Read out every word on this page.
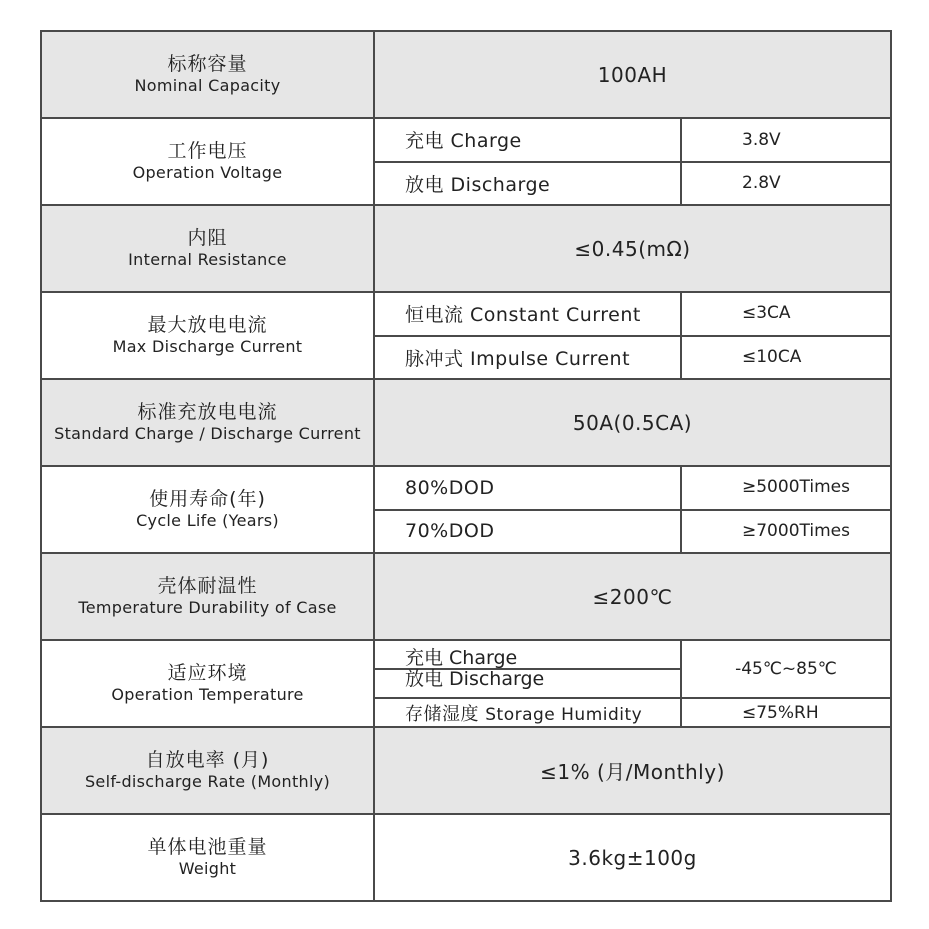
标称容量
Nominal Capacity	100AH	

工作电压
Operation Voltage	充电 Charge	3.8V
	放电 Discharge	2.8V

内阻
Internal Resistance	≤0.45(mΩ)	

最大放电电流
Max Discharge Current	恒电流 Constant Current	≤3CA
	脉冲式 Impulse Current	≤10CA

标准充放电电流
Standard Charge / Discharge Current	50A(0.5CA)	

使用寿命(年)
Cycle Life (Years)	80%DOD	≥5000Times
	70%DOD	≥7000Times

壳体耐温性
Temperature Durability of Case	≤200℃	

适应环境
Operation Temperature	充电 Charge	-45℃~85℃
	放电 Discharge	
	存储湿度 Storage Humidity	≤75%RH

自放电率 (月)
Self-discharge Rate (Monthly)	≤1% (月/Monthly)	

单体电池重量
Weight	3.6kg±100g	
